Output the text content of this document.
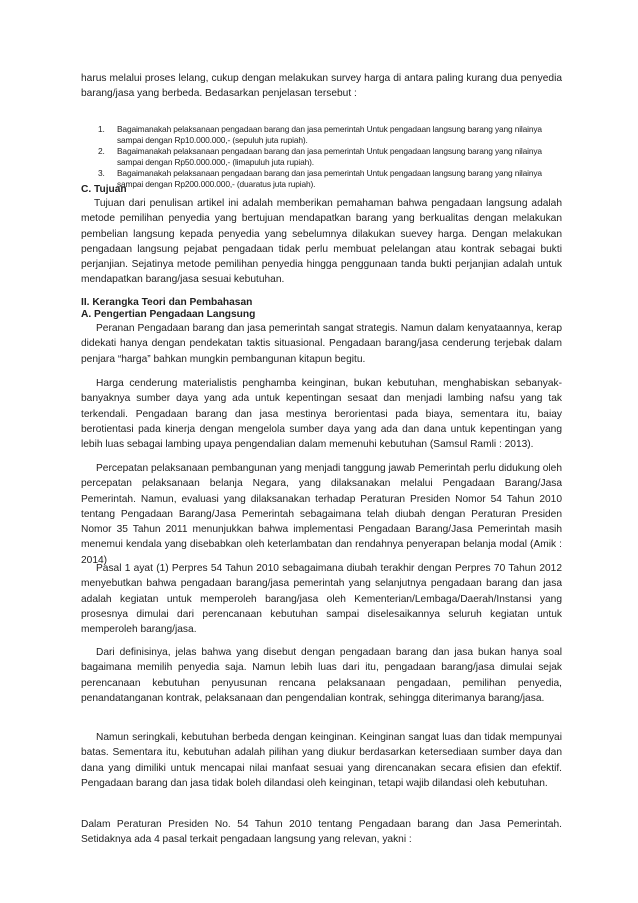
harus melalui proses lelang, cukup dengan melakukan survey harga di antara paling kurang dua penyedia barang/jasa yang berbeda. Bedasarkan penjelasan tersebut :

1. Bagaimanakah pelaksanaan pengadaan barang dan jasa pemerintah Untuk pengadaan langsung barang yang nilainya sampai dengan Rp10.000.000,- (sepuluh juta rupiah).
2. Bagaimanakah pelaksanaan pengadaan barang dan jasa pemerintah Untuk pengadaan langsung barang yang nilainya sampai dengan Rp50.000.000,- (limapuluh juta rupiah).
3. Bagaimanakah pelaksanaan pengadaan barang dan jasa pemerintah Untuk pengadaan langsung barang yang nilainya sampai dengan Rp200.000.000,- (duaratus juta rupiah).
C. Tujuan

Tujuan dari penulisan artikel ini adalah memberikan pemahaman bahwa pengadaan langsung adalah metode pemilihan penyedia yang bertujuan mendapatkan barang yang berkualitas dengan melakukan pembelian langsung kepada penyedia yang sebelumnya dilakukan suevey harga. Dengan melakukan pengadaan langsung pejabat pengadaan tidak perlu membuat pelelangan atau kontrak sebagai bukti perjanjian. Sejatinya metode pemilihan penyedia hingga penggunaan tanda bukti perjanjian adalah untuk mendapatkan barang/jasa sesuai kebutuhan.

II. Kerangka Teori dan Pembahasan
A. Pengertian Pengadaan Langsung

Peranan Pengadaan barang dan jasa pemerintah sangat strategis. Namun dalam kenyataannya, kerap didekati hanya dengan pendekatan taktis situasional. Pengadaan barang/jasa cenderung terjebak dalam penjara “harga” bahkan mungkin pembangunan kitapun begitu.

Harga cenderung materialistis penghamba keinginan, bukan kebutuhan, menghabiskan sebanyak-banyaknya sumber daya yang ada untuk kepentingan sesaat dan menjadi lambing nafsu yang tak terkendali. Pengadaan barang dan jasa mestinya berorientasi pada biaya, sementara itu, baiay berotientasi pada kinerja dengan mengelola sumber daya yang ada dan dana untuk kepentingan yang lebih luas sebagai lambing upaya pengendalian dalam memenuhi kebutuhan (Samsul Ramli : 2013).

Percepatan pelaksanaan pembangunan yang menjadi tanggung jawab Pemerintah perlu didukung oleh percepatan pelaksanaan belanja Negara, yang dilaksanakan melalui Pengadaan Barang/Jasa Pemerintah. Namun, evaluasi yang dilaksanakan terhadap Peraturan Presiden Nomor 54 Tahun 2010 tentang Pengadaan Barang/Jasa Pemerintah sebagaimana telah diubah dengan Peraturan Presiden Nomor 35 Tahun 2011 menunjukkan bahwa implementasi Pengadaan Barang/Jasa Pemerintah masih menemui kendala yang disebabkan oleh keterlambatan dan rendahnya penyerapan belanja modal (Amik : 2014)

Pasal 1 ayat (1) Perpres 54 Tahun 2010 sebagaimana diubah terakhir dengan Perpres 70 Tahun 2012 menyebutkan bahwa pengadaan barang/jasa pemerintah yang selanjutnya pengadaan barang dan jasa adalah kegiatan untuk memperoleh barang/jasa oleh Kementerian/Lembaga/Daerah/Instansi yang prosesnya dimulai dari perencanaan kebutuhan sampai diselesaikannya seluruh kegiatan untuk memperoleh barang/jasa.

Dari definisinya, jelas bahwa yang disebut dengan pengadaan barang dan jasa bukan hanya soal bagaimana memilih penyedia saja. Namun lebih luas dari itu, pengadaan barang/jasa dimulai sejak perencanaan kebutuhan penyusunan rencana pelaksanaan pengadaan, pemilihan penyedia, penandatanganan kontrak, pelaksanaan dan pengendalian kontrak, sehingga diterimanya barang/jasa.

Namun seringkali, kebutuhan berbeda dengan keinginan. Keinginan sangat luas dan tidak mempunyai batas. Sementara itu, kebutuhan adalah pilihan yang diukur berdasarkan ketersediaan sumber daya dan dana yang dimiliki untuk mencapai nilai manfaat sesuai yang direncanakan secara efisien dan efektif. Pengadaan barang dan jasa tidak boleh dilandasi oleh keinginan, tetapi wajib dilandasi oleh kebutuhan.

Dalam Peraturan Presiden No. 54 Tahun 2010 tentang Pengadaan barang dan Jasa Pemerintah. Setidaknya ada 4 pasal terkait pengadaan langsung yang relevan, yakni :
